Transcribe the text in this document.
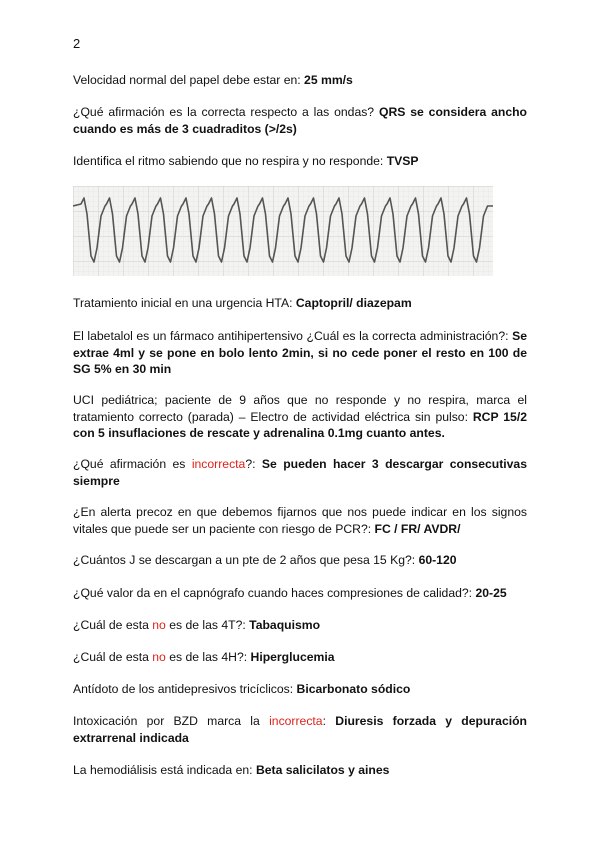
2

Velocidad normal del papel debe estar en: 25 mm/s

¿Qué afirmación es la correcta respecto a las ondas? QRS se considera ancho cuando es más de 3 cuadraditos (>/2s)

Identifica el ritmo sabiendo que no respira y no responde: TVSP

Tratamiento inicial en una urgencia HTA: Captopril/ diazepam

El labetalol es un fármaco antihipertensivo ¿Cuál es la correcta administración?: Se extrae 4ml y se pone en bolo lento 2min, si no cede poner el resto en 100 de SG 5% en 30 min

UCI pediátrica; paciente de 9 años que no responde y no respira, marca el tratamiento correcto (parada) – Electro de actividad eléctrica sin pulso: RCP 15/2 con 5 insuflaciones de rescate y adrenalina 0.1mg cuanto antes.

¿Qué afirmación es incorrecta?: Se pueden hacer 3 descargar consecutivas siempre

¿En alerta precoz en que debemos fijarnos que nos puede indicar en los signos vitales que puede ser un paciente con riesgo de PCR?: FC / FR/ AVDR/

¿Cuántos J se descargan a un pte de 2 años que pesa 15 Kg?: 60-120

¿Qué valor da en el capnógrafo cuando haces compresiones de calidad?: 20-25

¿Cuál de esta no es de las 4T?: Tabaquismo

¿Cuál de esta no es de las 4H?: Hiperglucemia

Antídoto de los antidepresivos tricíclicos: Bicarbonato sódico

Intoxicación por BZD marca la incorrecta: Diuresis forzada y depuración extrarrenal indicada

La hemodiálisis está indicada en: Beta salicilatos y aines
